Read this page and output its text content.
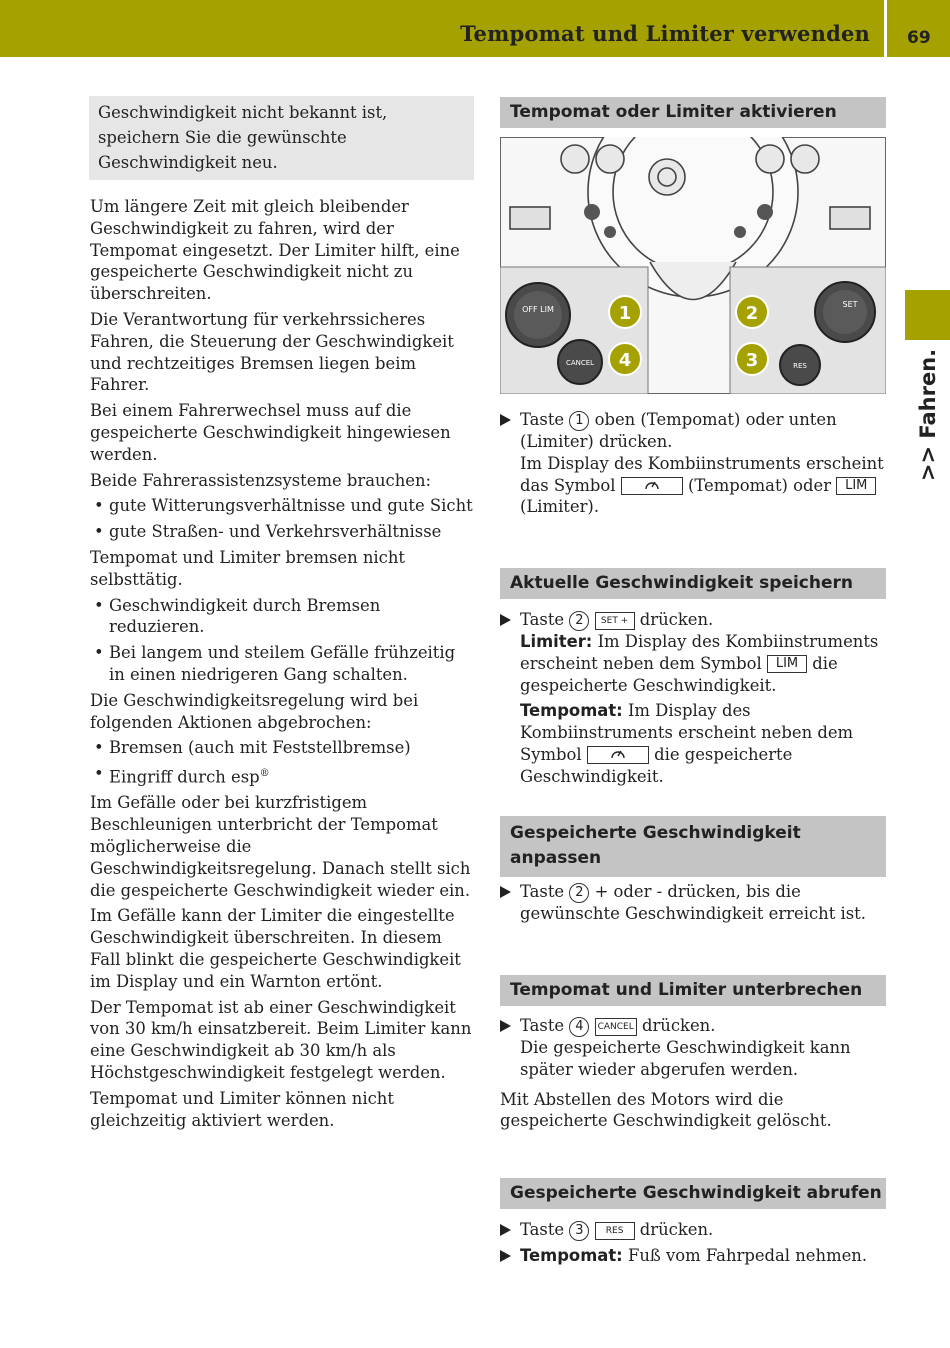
Tempomat und Limiter verwenden 69
>> Fahren.
Geschwindigkeit nicht bekannt ist, speichern Sie die gewünschte Geschwindigkeit neu.

Um längere Zeit mit gleich bleibender Geschwindigkeit zu fahren, wird der Tempomat eingesetzt. Der Limiter hilft, eine gespeicherte Geschwindigkeit nicht zu überschreiten.

Die Verantwortung für verkehrssicheres Fahren, die Steuerung der Geschwindigkeit und rechtzeitiges Bremsen liegen beim Fahrer.

Bei einem Fahrerwechsel muss auf die gespeicherte Geschwindigkeit hingewiesen werden.

Beide Fahrerassistenzsysteme brauchen:

• gute Witterungsverhältnisse und gute Sicht
• gute Straßen- und Verkehrsverhältnisse

Tempomat und Limiter bremsen nicht selbsttätig.

• Geschwindigkeit durch Bremsen reduzieren.
• Bei langem und steilem Gefälle frühzeitig in einen niedrigeren Gang schalten.

Die Geschwindigkeitsregelung wird bei folgenden Aktionen abgebrochen:

• Bremsen (auch mit Feststellbremse)
• Eingriff durch esp®

Im Gefälle oder bei kurzfristigem Beschleunigen unterbricht der Tempomat möglicherweise die Geschwindigkeitsregelung. Danach stellt sich die gespeicherte Geschwindigkeit wieder ein.

Im Gefälle kann der Limiter die eingestellte Geschwindigkeit überschreiten. In diesem Fall blinkt die gespeicherte Geschwindigkeit im Display und ein Warnton ertönt.

Der Tempomat ist ab einer Geschwindigkeit von 30 km/h einsatzbereit. Beim Limiter kann eine Geschwindigkeit ab 30 km/h als Höchstgeschwindigkeit festgelegt werden.

Tempomat und Limiter können nicht gleichzeitig aktiviert werden.

Tempomat oder Limiter aktivieren
OFF LIM
CANCEL
SET
RES
1
4
2
3
Taste 1 oben (Tempomat) oder unten (Limiter) drücken.
Im Display des Kombiinstruments erscheint das Symbol	(Tempomat) oder LIM (Limiter).
Aktuelle Geschwindigkeit speichern
Taste 2 SET + drücken.
Limiter: Im Display des Kombiinstruments erscheint neben dem Symbol LIM die gespeicherte Geschwindigkeit.
Tempomat: Im Display des Kombiinstruments erscheint neben dem Symbol	die gespeicherte Geschwindigkeit.
Gespeicherte Geschwindigkeit anpassen
Taste 2 + oder - drücken, bis die gewünschte Geschwindigkeit erreicht ist.
Tempomat und Limiter unterbrechen
Taste 4 CANCEL drücken.
Die gespeicherte Geschwindigkeit kann später wieder abgerufen werden.

Mit Abstellen des Motors wird die gespeicherte Geschwindigkeit gelöscht.

Gespeicherte Geschwindigkeit abrufen
Taste 3 RES drücken.
Tempomat: Fuß vom Fahrpedal nehmen.
